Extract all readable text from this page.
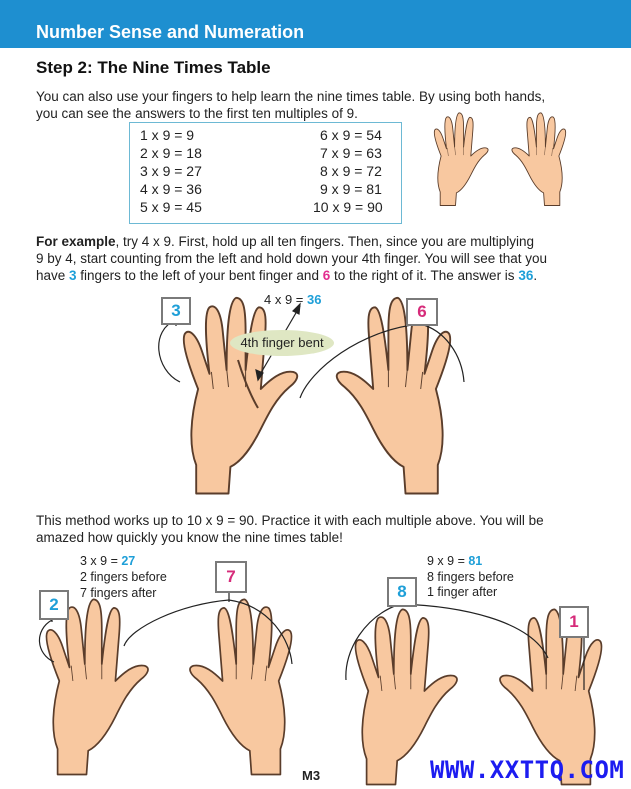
Number Sense and Numeration
Step 2: The Nine Times Table
You can also use your fingers to help learn the nine times table. By using both hands,
you can see the answers to the first ten multiples of 9.
1 x 9 = 9
2 x 9 = 18
3 x 9 = 27
4 x 9 = 36
5 x 9 = 45
6 x 9 = 54
7 x 9 = 63
8 x 9 = 72
9 x 9 = 81
10 x 9 = 90
For example, try 4 x 9. First, hold up all ten fingers. Then, since you are multiplying
9 by 4, start counting from the left and hold down your 4th finger. You will see that you
have 3 fingers to the left of your bent finger and 6 to the right of it. The answer is 36.
This method works up to 10 x 9 = 90. Practice it with each multiple above. You will be
amazed how quickly you know the nine times table!
4 x 9 = 36
3	6
4th finger bent
3 x 9 = 27
2 fingers before
7 fingers after
2
7
9 x 9 = 81
8 fingers before
1 finger after
8
1
M3	WWW.XXTTQ.COM
